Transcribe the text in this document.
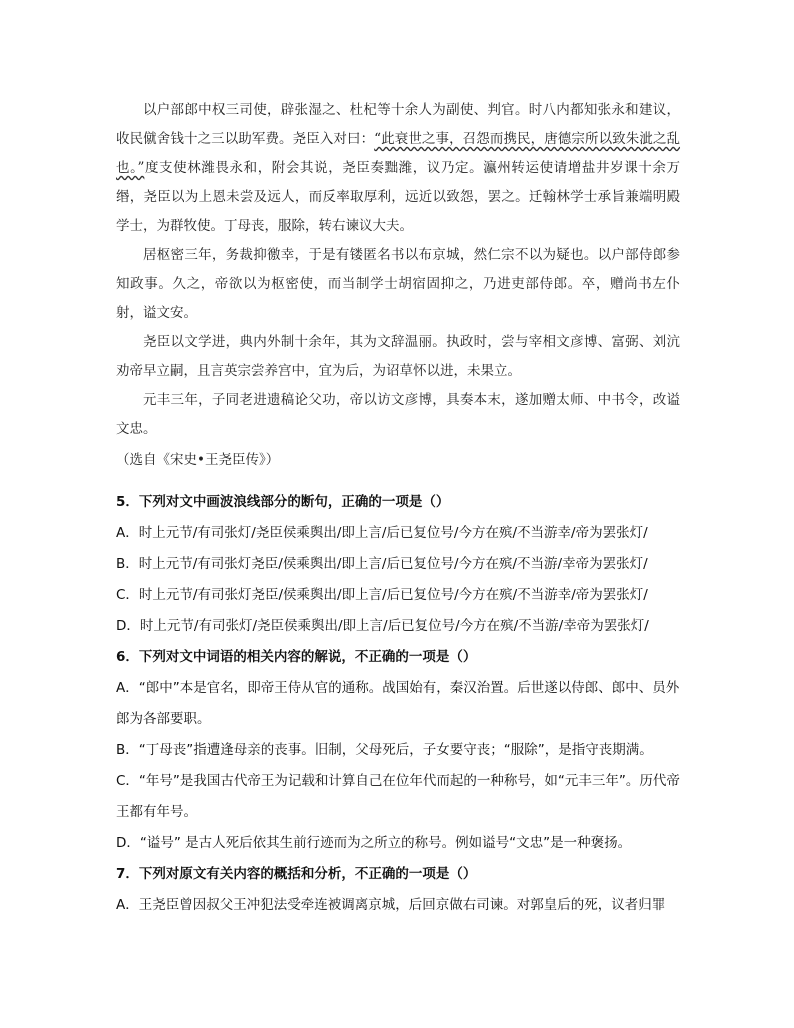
以户部郎中权三司使，辟张湿之、杜杞等十余人为副使、判官。时八内都知张永和建议，收民僦舍钱十之三以助军费。尧臣入对曰：“此衰世之事，召怨而携民，唐德宗所以致朱泚之乱也。”度支使林潍畏永和，附会其说，尧臣奏黜潍，议乃定。瀛州转运使请增盐井岁课十余万缗，尧臣以为上恩未尝及远人，而反率取厚利，远近以致怨，罢之。迁翰林学士承旨兼端明殿学士，为群牧使。丁母丧，服除，转右谏议大夫。

居枢密三年，务裁抑徼幸，于是有镂匿名书以布京城，然仁宗不以为疑也。以户部侍郎参知政事。久之，帝欲以为枢密使，而当制学士胡宿固抑之，乃进吏部侍郎。卒，赠尚书左仆射，谥文安。

尧臣以文学进，典内外制十余年，其为文辞温丽。执政时，尝与宰相文彦博、富弼、刘沆劝帝早立嗣，且言英宗尝养宫中，宜为后，为诏草怀以进，未果立。

元丰三年，子同老进遗稿论父功，帝以访文彦博，具奏本末，遂加赠太师、中书令，改谥文忠。

（选自《宋史•王尧臣传》）

5．下列对文中画波浪线部分的断句，正确的一项是（）

A．时上元节/有司张灯/尧臣侯乘舆出/即上言/后已复位号/今方在殡/不当游幸/帝为罢张灯/

B．时上元节/有司张灯尧臣/侯乘舆出/即上言/后已复位号/今方在殡/不当游/幸帝为罢张灯/

C．时上元节/有司张灯尧臣/侯乘舆出/即上言/后已复位号/今方在殡/不当游幸/帝为罢张灯/

D．时上元节/有司张灯/尧臣侯乘舆出/即上言/后已复位号/今方在殡/不当游/幸帝为罢张灯/

6．下列对文中词语的相关内容的解说，不正确的一项是（）

A．“郎中”本是官名，即帝王侍从官的通称。战国始有，秦汉治置。后世遂以侍郎、郎中、员外郎为各部要职。

B．“丁母丧”指遭逢母亲的丧事。旧制，父母死后，子女要守丧；“服除”，是指守丧期满。

C．“年号”是我国古代帝王为记载和计算自己在位年代而起的一种称号，如“元丰三年”。历代帝王都有年号。

D．“谥号” 是古人死后依其生前行迹而为之所立的称号。例如谥号“文忠”是一种褒扬。

7．下列对原文有关内容的概括和分析，不正确的一项是（）

A．王尧臣曾因叔父王冲犯法受牵连被调离京城，后回京做右司谏。对郭皇后的死，议者归罪
